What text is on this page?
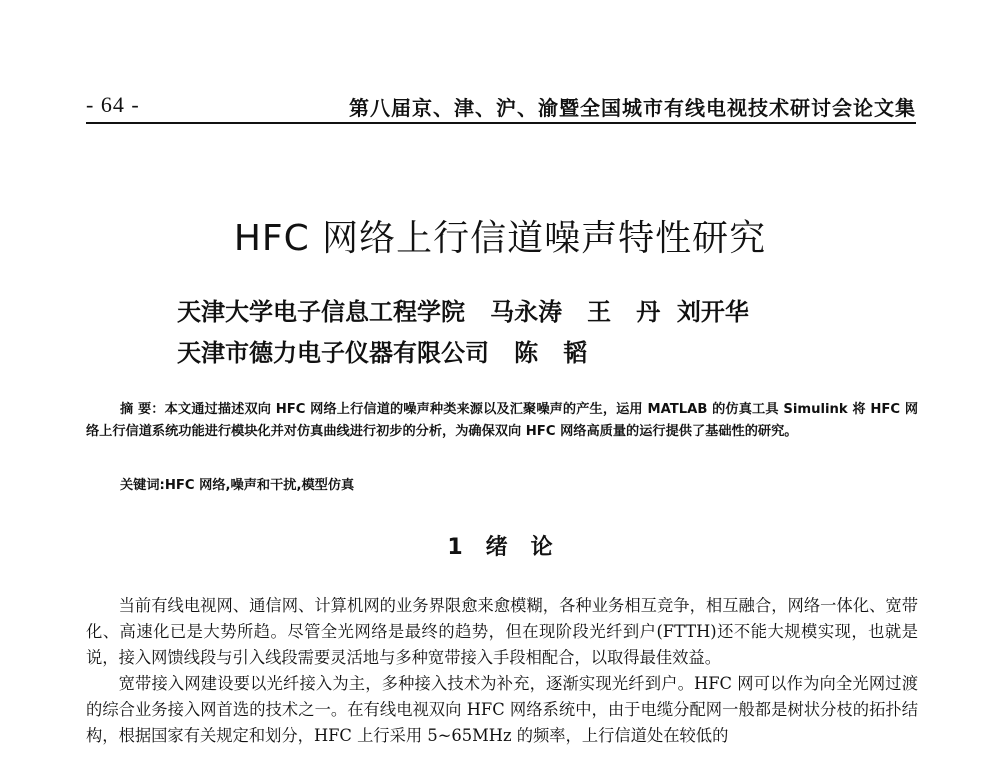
- 64 -	第八届京、津、沪、渝暨全国城市有线电视技术研讨会论文集
HFC 网络上行信道噪声特性研究
天津大学电子信息工程学院   马永涛   王   丹  刘开华
天津市德力电子仪器有限公司   陈   韬
摘 要：本文通过描述双向 HFC 网络上行信道的噪声种类来源以及汇聚噪声的产生，运用 MATLAB 的仿真工具 Simulink 将 HFC 网络上行信道系统功能进行模块化并对仿真曲线进行初步的分析，为确保双向 HFC 网络高质量的运行提供了基础性的研究。
关键词:HFC 网络,噪声和干扰,模型仿真
1   绪   论

当前有线电视网、通信网、计算机网的业务界限愈来愈模糊，各种业务相互竞争，相互融合，网络一体化、宽带化、高速化已是大势所趋。尽管全光网络是最终的趋势，但在现阶段光纤到户(FTTH)还不能大规模实现，也就是说，接入网馈线段与引入线段需要灵活地与多种宽带接入手段相配合，以取得最佳效益。

宽带接入网建设要以光纤接入为主，多种接入技术为补充，逐渐实现光纤到户。HFC 网可以作为向全光网过渡的综合业务接入网首选的技术之一。在有线电视双向 HFC 网络系统中，由于电缆分配网一般都是树状分枝的拓扑结构，根据国家有关规定和划分，HFC 上行采用 5~65MHz 的频率，上行信道处在较低的
